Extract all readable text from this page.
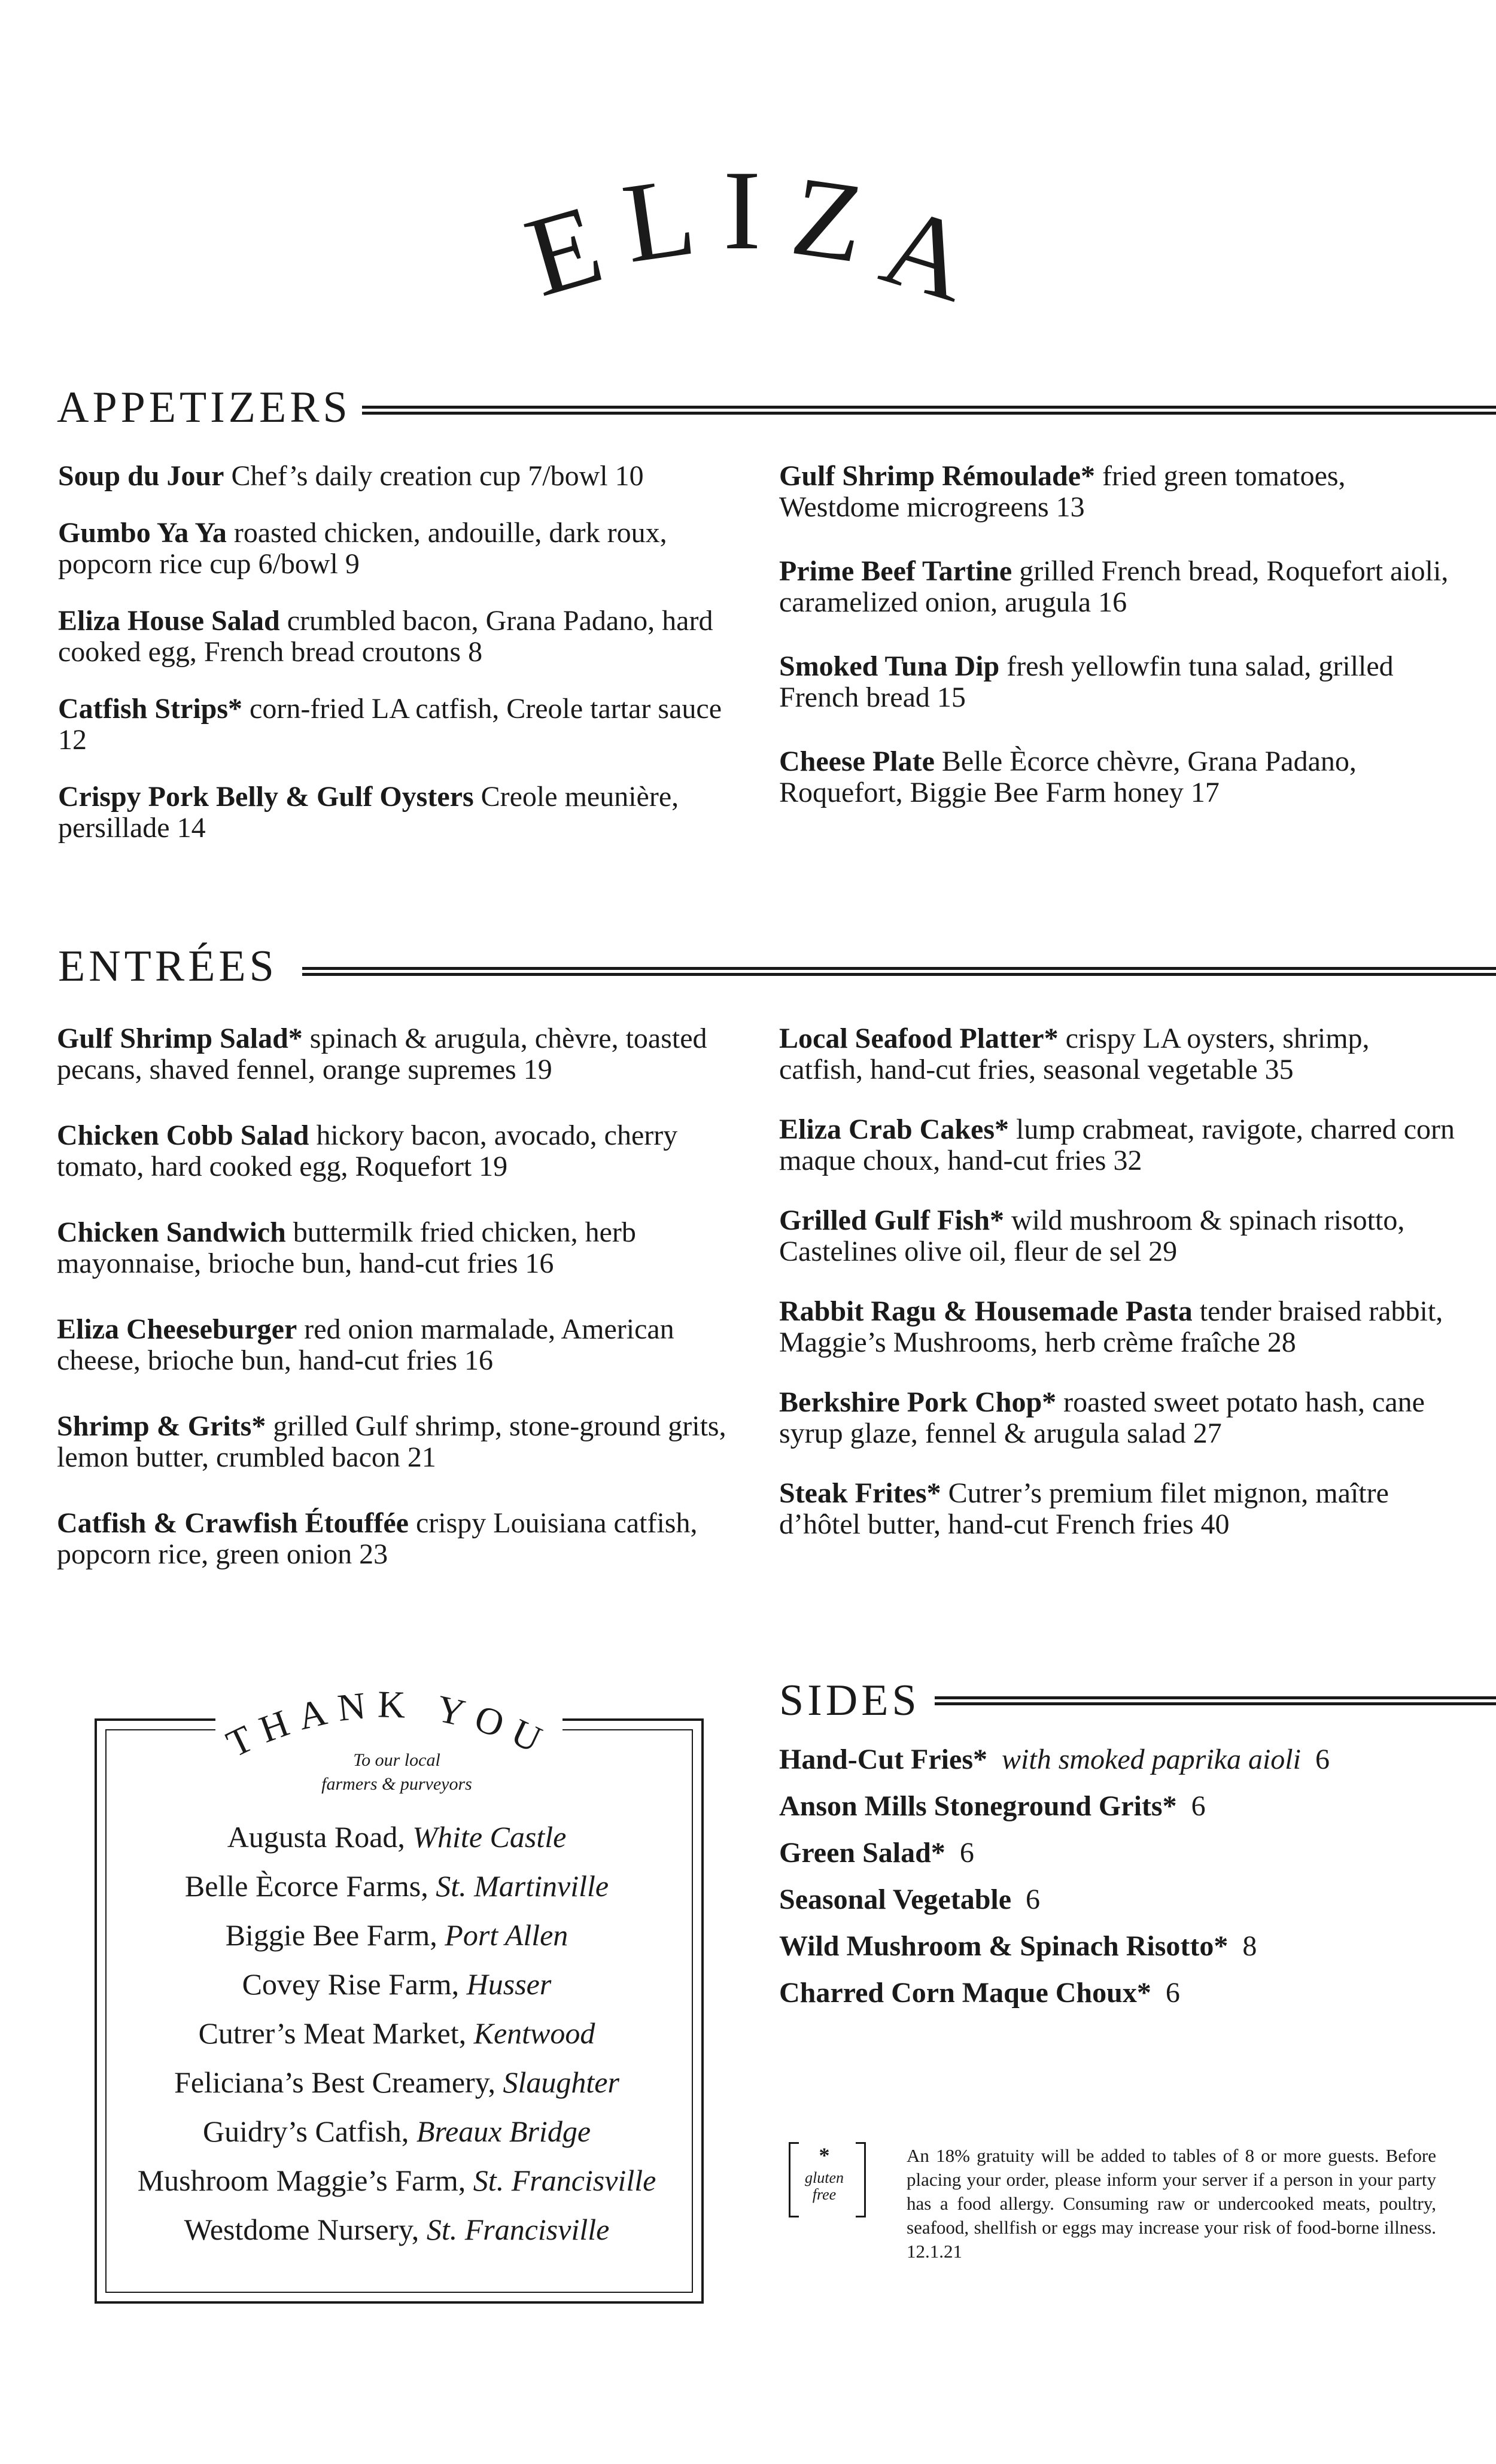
E L I Z
A
APPETIZERS

Soup du Jour Chef’s daily creation cup 7/bowl 10

Gumbo Ya Ya roasted chicken, andouille, dark roux, popcorn rice cup 6/bowl 9

Eliza House Salad crumbled bacon, Grana Padano, hard cooked egg, French bread croutons 8

Catfish Strips* corn-fried LA catfish, Creole tartar sauce 12

Crispy Pork Belly & Gulf Oysters Creole meunière, persillade 14

Gulf Shrimp Rémoulade* fried green tomatoes, Westdome microgreens 13

Prime Beef Tartine grilled French bread, Roquefort aioli, caramelized onion, arugula 16

Smoked Tuna Dip fresh yellowfin tuna salad, grilled French bread 15

Cheese Plate Belle Ècorce chèvre, Grana Padano, Roquefort, Biggie Bee Farm honey 17

ENTRÉES

Gulf Shrimp Salad* spinach & arugula, chèvre, toasted pecans, shaved fennel, orange supremes 19

Chicken Cobb Salad hickory bacon, avocado, cherry tomato, hard cooked egg, Roquefort 19

Chicken Sandwich buttermilk fried chicken, herb mayonnaise, brioche bun, hand-cut fries 16

Eliza Cheeseburger red onion marmalade, American cheese, brioche bun, hand-cut fries 16

Shrimp & Grits* grilled Gulf shrimp, stone-ground grits, lemon butter, crumbled bacon 21

Catfish & Crawfish Étouffée crispy Louisiana catfish, popcorn rice, green onion 23

Local Seafood Platter* crispy LA oysters, shrimp, catfish, hand-cut fries, seasonal vegetable 35

Eliza Crab Cakes* lump crabmeat, ravigote, charred corn maque choux, hand-cut fries 32

Grilled Gulf Fish* wild mushroom & spinach risotto, Castelines olive oil, fleur de sel 29

Rabbit Ragu & Housemade Pasta tender braised rabbit, Maggie’s Mushrooms, herb crème fraîche 28

Berkshire Pork Chop* roasted sweet potato hash, cane syrup glaze, fennel & arugula salad 27

Steak Frites* Cutrer’s premium filet mignon, maître d’hôtel butter, hand-cut French fries 40

THANK YOU
To our local
farmers & purveyors
Augusta Road, White Castle
Belle Ècorce Farms, St. Martinville
Biggie Bee Farm, Port Allen
Covey Rise Farm, Husser
Cutrer’s Meat Market, Kentwood
Feliciana’s Best Creamery, Slaughter
Guidry’s Catfish, Breaux Bridge
Mushroom Maggie’s Farm, St. Francisville
Westdome Nursery, St. Francisville
SIDES
Hand-Cut Fries* with smoked paprika aioli 6
Anson Mills Stoneground Grits* 6
Green Salad* 6
Seasonal Vegetable 6
Wild Mushroom & Spinach Risotto* 8
Charred Corn Maque Choux* 6
*
gluten
free
An 18% gratuity will be added to tables of 8 or more guests. Before placing your order, please inform your server if a person in your party has a food allergy. Consuming raw or undercooked meats, poultry, seafood, shellfish or eggs may increase your risk of food-borne illness. 12.1.21
